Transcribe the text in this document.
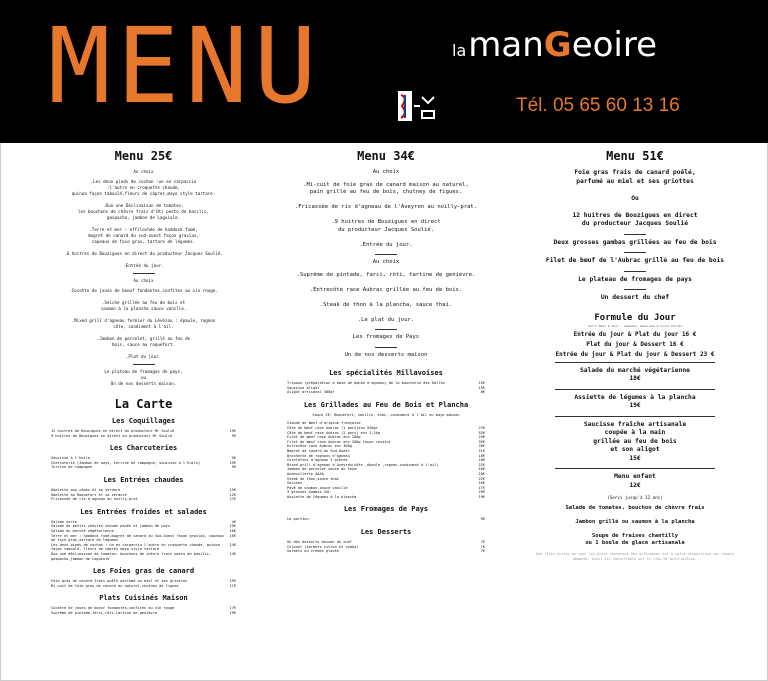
MENU	lamanGeoire
Tél. 05 65 60 13 16
Menu 25€
Au choix
.Les deux pieds de cochon :un en carpaccio
:l'autre en croquette chaude,
quinoa façon taboulé,fleurs de câpres,mayo style tartare.

.Duo une Déclinaison de tomates,
les bouchons de chèvre frais d'Oti pesto de basilic,
gaspacho, jambon de Laguiole.

.Terre et mer : effilochée de haddock fumé,
magret de canard du sud-ouest façon gravlax,
copeaux de foie gras, tartare de légumes.

.6 huitres de Bouzigues en direct du producteur Jacques Soulié.

.Entrée du jour.
Au choix
.Cocotte de joues de boeuf fondantes,confites au vin rouge.

.Seiche grillée au feu de bois et
saumon à la plancha sauce vanille.

.Mixed grill d'agneau fermier du Lévézou : épaule, rognon
côte, condiment à l'ail.

.Jambon de porcelet, grillé au feu de
bois, sauce au roquefort.

.Plat du jour.
Le plateau de fromages de pays,
ou
Un de nos desserts maison.
La Carte
Les Coquillages
12 huitres de Bouzigues en direct du producteur Mr Soulié	19€
9 huitres de Bouzigues en direct du producteur Mr Soulié	9€
Les Charcuteries
Saucisse à l'huile	9€
Charcuterie (Jambon de pays, terrine de campagne, saucisse à l'huile)	15€
Terrine de campagne	9€
Les Entrées chaudes
Omelette aux cèpes et sa verdure	15€
Omelette au Roquefort et sa verdure	12€
Fricassée de ris d'agneau au noilly-prat	17€
Les Entrées froides et salades
Salade verte	4€
Salade de petits chèvres chauds panés et jambon de pays	15€
Salade du marché végétarienne	18€
Terre et mer : haddock fumé,magret de canard du Sud-Ouest façon gravlax, copeaux de foie gras,tartare de légumes
16€
Les deux pieds de cochon : un en carpaccio l'autre en croquette chaude, quinoa façon taboulé, fleurs de câpres mayo style tartare
14€
Duo une déclinaison de tomates: bouchons de chèvre frais pesto de basilic, gaspacho,jambon de Laguiole
14€
Les Foies gras de canard
Foie gras de canard frais poêlé parfumé au miel et ses griottes	19€
Mi-cuit de foie gras de canard au naturel,chutney de figues	17€
Plats Cuisinés Maison
Cocotte de joues de boeuf fondantes,confites au vin rouge	17€
Suprême de pintade,farci,rôti,tartine de genièvre	19€
Menu 34€
Au choix
.Mi-cuit de foie gras de canard maison au naturel,
pain grillé au feu de bois, chutney de figues.

.Fricassée de ris d'agneau de l'Aveyron au noilly-prat.

.9 huitres de Bouzigues en direct
du producteur Jacques Soulié.

.Entrée du jour.
Au choix
.Suprême de pintade, farci, rôti, tartine de genièvre.

.Entrecôte race Aubrac grillée au feu de bois.

.Steak de thon à la plancha, sauce thai.

.Le plat du jour.
Les fromages de Pays
Un de nos desserts maison
Les spécialités Millavoises
Tripoux (préparation à base de panse d'agneau) de la boucherie des Halles	15€
Saucisse aligot	15€
Aligot artisanal 300gr	8€
Les Grillades au Feu de Bois et Plancha
Sauce 2€: Roquefort, vanille, thai, condiment à l'ail ou mayo maison
Viande de bœuf d'origine française
Côte de bœuf race Aubrac (1 pers)env 550gr	27€
Côte de bœuf race Aubrac (2 pers) env 1,2kg	52€
Filet de bœuf race Aubrac env 200g	29€
Filet de bœuf race Aubrac env 200g façon rossini	35€
Entrecôte race Aubrac env 300g	26€
Magret de canard du Sud-Ouest	21€
Brochette de rognons d'agneau	18€
Cotelettes d'agneau 3 pièces	18€
Mixed grill d'agneau d'Aveyron(côte ,épaule ,rognon,condiment à l'ail)	22€
Jambon de porcelet sauce au thym	16€
Andouillette AAAA	18€
Steak de thon,sauce thai	22€
Seiches	16€
Pavé de saumon,sauce vanille	17€
3 grosses Gambas XXL	29€
Assiette de légumes à la plancha	19€
Les Fromages de Pays
La portion	9€
Les Desserts
Un des desserts maison du chef	7€
Colonel (sorbets citron et vodka)	7€
Sorbets ou crèmes glacés	7€
Menu 51€
Foie gras frais de canard poêlé,
parfumé au miel et ses griottes

Ou

12 huitres de Bouzigues en direct
du producteur Jacques Soulié
Deux grosses gambas grillées au feu de bois
Filet de bœuf de l'Aubrac grillé au feu de bois
Le plateau de fromages de pays
Un dessert du chef
Formule du Jour
Servi Midi & Soir - Semaine, Week-end & Jours Fériés
Entrée du jour & Plat du jour 16 €
Plat du jour & Dessert 16 €
Entrée du jour & Plat du jour & Dessert 23 €
Salade du marché végétarienne
18€
Assiette de légumes à la plancha
19€
Saucisse fraîche artisanale
coupée à la main
grillée au feu de bois
et son aligot
15€
Menu enfant
12€
(Servi jusqu'à 12 ans)
Salade de tomates, bouchon de chèvre frais

Jambon grillé ou saumon à la plancha

Soupe de fraises chantilly
ou 1 boule de glace artisanale
Une liste écrite de tous les plats contenant des allergènes est à votre disposition sur simple demande, ainsi est consultable sur le lieu de distribution.
